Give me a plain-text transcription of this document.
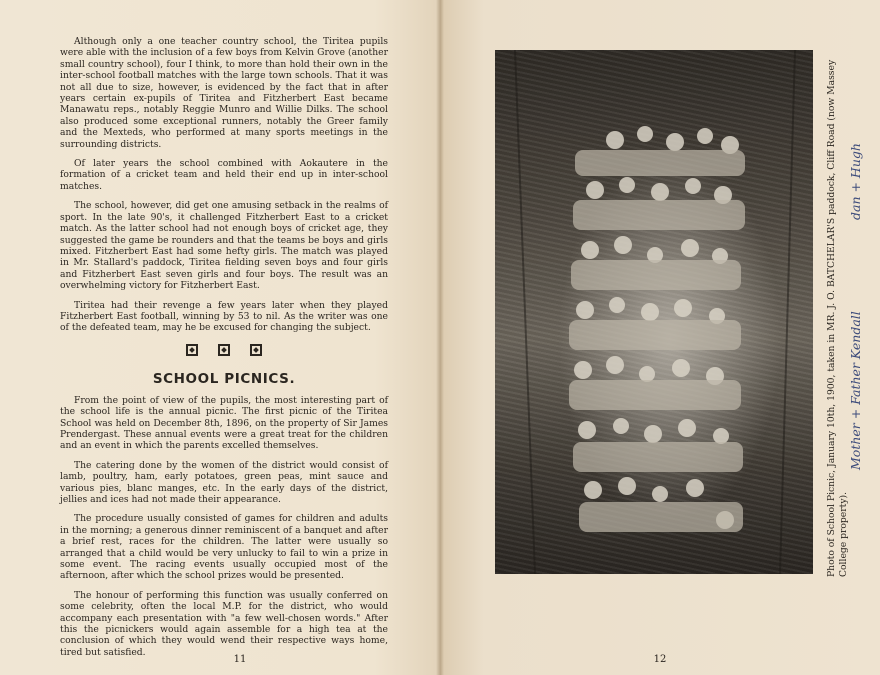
Although only a one teacher country school, the Tiritea pupils were able with the inclusion of a few boys from Kelvin Grove (another small country school), four I think, to more than hold their own in the inter-school football matches with the large town schools. That it was not all due to size, however, is evidenced by the fact that in after years certain ex-pupils of Tiritea and Fitzherbert East became Manawatu reps., notably Reggie Munro and Willie Dilks. The school also produced some exceptional runners, notably the Greer family and the Mexteds, who performed at many sports meetings in the surrounding districts.

Of later years the school combined with Aokautere in the formation of a cricket team and held their end up in inter-school matches.

The school, however, did get one amusing setback in the realms of sport. In the late 90's, it challenged Fitzherbert East to a cricket match. As the latter school had not enough boys of cricket age, they suggested the game be rounders and that the teams be boys and girls mixed. Fitzherbert East had some hefty girls. The match was played in Mr. Stallard's paddock, Tiritea fielding seven boys and four girls and Fitzherbert East seven girls and four boys. The result was an overwhelming victory for Fitzherbert East.

Tiritea had their revenge a few years later when they played Fitzherbert East football, winning by 53 to nil. As the writer was one of the defeated team, may he be excused for changing the subject.

SCHOOL PICNICS.

From the point of view of the pupils, the most interesting part of the school life is the annual picnic. The first picnic of the Tiritea School was held on December 8th, 1896, on the property of Sir James Prendergast. These annual events were a great treat for the children and an event in which the parents excelled themselves.

The catering done by the women of the district would consist of lamb, poultry, ham, early potatoes, green peas, mint sauce and various pies, blanc manges, etc. In the early days of the district, jellies and ices had not made their appearance.

The procedure usually consisted of games for children and adults in the morning; a generous dinner reminiscent of a banquet and after a brief rest, races for the children. The latter were usually so arranged that a child would be very unlucky to fail to win a prize in some event. The racing events usually occupied most of the afternoon, after which the school prizes would be presented.

The honour of performing this function was usually conferred on some celebrity, often the local M.P. for the district, who would accompany each presentation with "a few well-chosen words." After this the picnickers would again assemble for a high tea at the conclusion of which they would wend their respective ways home, tired but satisfied.

11	12
Photo of School Picnic, January 10th, 1900, taken in MR. J. O. BATCHELAR'S paddock, Cliff Road (now Massey College property).
dan + Hugh
Mother + Father Kendall
